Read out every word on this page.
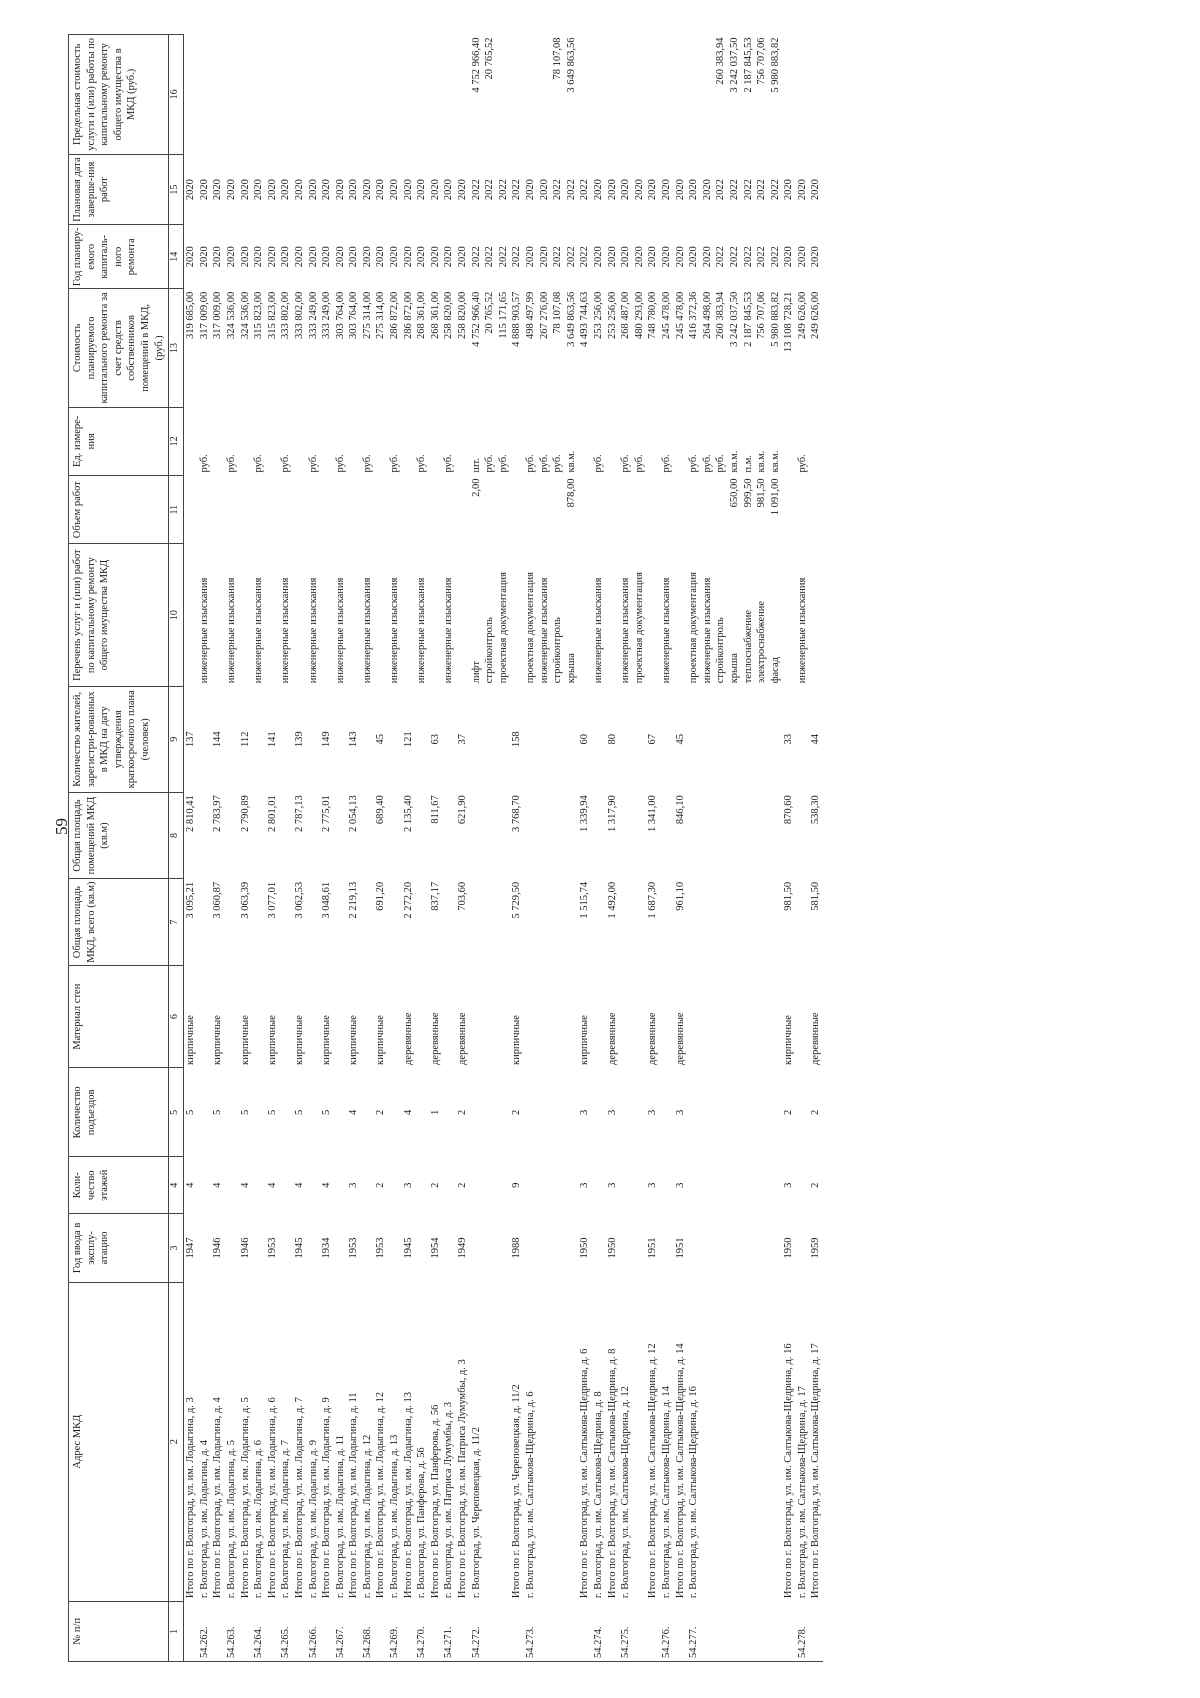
59
№ п/п	Адрес МКД	Год ввода в эксплу-атацию	Коли-чество этажей	Количество подъездов	Материал стен	Общая площадь МКД, всего (кв.м)	Общая площадь помещений МКД (кв.м)	Количество жителей, зарегистри-рованных в МКД на дату утверждения краткосрочного плана (человек)	Перечень услуг и (или) работ по капитальному ремонту общего имущества МКД	Объем работ	Ед. измере-ния	Стоимость планируемого капитального ремонта за счет средств собственников помещений в МКД, (руб.)	Год планиру-емого капиталь-ного ремонта	Плановая дата заверше-ния работ	Предельная стоимость услуги и (или) работы по капитальному ремонту общего имущества в МКД (руб.)
1	2	3	4	5	6	7	8	9	10	11	12	13	14	15	16
	Итого по г. Волгоград, ул. им. Лодыгина, д. 3	1947	4	5	кирпичные	3 095,21	2 810,41	137				319 685,00	2020	2020	
54.262.	г. Волгоград, ул. им. Лодыгина, д. 4								инженерные изыскания		руб.	317 009,00	2020	2020	
	Итого по г. Волгоград, ул. им. Лодыгина, д. 4	1946	4	5	кирпичные	3 060,87	2 783,97	144				317 009,00	2020	2020	
54.263.	г. Волгоград, ул. им. Лодыгина, д. 5								инженерные изыскания		руб.	324 536,00	2020	2020	
	Итого по г. Волгоград, ул. им. Лодыгина, д. 5	1946	4	5	кирпичные	3 063,39	2 790,89	112				324 536,00	2020	2020	
54.264.	г. Волгоград, ул. им. Лодыгина, д. 6								инженерные изыскания		руб.	315 823,00	2020	2020	
	Итого по г. Волгоград, ул. им. Лодыгина, д. 6	1953	4	5	кирпичные	3 077,01	2 801,01	141				315 823,00	2020	2020	
54.265.	г. Волгоград, ул. им. Лодыгина, д. 7								инженерные изыскания		руб.	333 802,00	2020	2020	
	Итого по г. Волгоград, ул. им. Лодыгина, д. 7	1945	4	5	кирпичные	3 062,53	2 787,13	139				333 802,00	2020	2020	
54.266.	г. Волгоград, ул. им. Лодыгина, д. 9								инженерные изыскания		руб.	333 249,00	2020	2020	
	Итого по г. Волгоград, ул. им. Лодыгина, д. 9	1934	4	5	кирпичные	3 048,61	2 775,01	149				333 249,00	2020	2020	
54.267.	г. Волгоград, ул. им. Лодыгина, д. 11								инженерные изыскания		руб.	303 764,00	2020	2020	
	Итого по г. Волгоград, ул. им. Лодыгина, д. 11	1953	3	4	кирпичные	2 219,13	2 054,13	143				303 764,00	2020	2020	
54.268.	г. Волгоград, ул. им. Лодыгина, д. 12								инженерные изыскания		руб.	275 314,00	2020	2020	
	Итого по г. Волгоград, ул. им. Лодыгина, д. 12	1953	2	2	кирпичные	691,20	689,40	45				275 314,00	2020	2020	
54.269.	г. Волгоград, ул. им. Лодыгина, д. 13								инженерные изыскания		руб.	286 872,00	2020	2020	
	Итого по г. Волгоград, ул. им. Лодыгина, д. 13	1945	3	4	деревянные	2 272,20	2 135,40	121				286 872,00	2020	2020	
54.270.	г. Волгоград, ул. Панферова, д. 56								инженерные изыскания		руб.	268 361,00	2020	2020	
	Итого по г. Волгоград, ул. Панферова, д. 56	1954	2	1	деревянные	837,17	811,67	63				268 361,00	2020	2020	
54.271.	г. Волгоград, ул. им. Патриса Лумумбы, д. 3								инженерные изыскания		руб.	258 820,00	2020	2020	
	Итого по г. Волгоград, ул. им. Патриса Лумумбы, д. 3	1949	2	2	деревянные	703,60	621,90	37				258 820,00	2020	2020	
54.272.	г. Волгоград, ул. Череповецкая, д. 11/2								лифт	2,00	шт.	4 752 966,40	2022	2022	4 752 966,40
									стройконтроль		руб.	20 765,52	2022	2022	20 765,52
									проектная документация		руб.	115 171,65	2022	2022	
	Итого по г. Волгоград, ул. Череповецкая, д. 11/2	1988	9	2	кирпичные	5 729,50	3 768,70	158				4 888 903,57	2022	2022	
54.273.	г. Волгоград, ул. им. Салтыкова-Щедрина, д. 6								проектная документация		руб.	498 497,99	2020	2020	

									инженерные изыскания		руб.	267 276,00	2020	2020	
									стройконтроль		руб.	78 107,08	2022	2022	78 107,08
									крыша	878,00	кв.м.	3 649 863,56	2022	2022	3 649 863,56
	Итого по г. Волгоград, ул. им. Салтыкова-Щедрина, д. 6	1950	3	3	кирпичные	1 515,74	1 339,94	60				4 493 744,63	2022	2022	
54.274.	г. Волгоград, ул. им. Салтыкова-Щедрина, д. 8								инженерные изыскания		руб.	253 256,00	2020	2020	
	Итого по г. Волгоград, ул. им. Салтыкова-Щедрина, д. 8	1950	3	3	деревянные	1 492,00	1 317,90	80				253 256,00	2020	2020	
54.275.	г. Волгоград, ул. им. Салтыкова-Щедрина, д. 12								инженерные изыскания		руб.	268 487,00	2020	2020	
									проектная документация		руб.	480 293,00	2020	2020	
	Итого по г. Волгоград, ул. им. Салтыкова-Щедрина, д. 12	1951	3	3	деревянные	1 687,30	1 341,00	67				748 780,00	2020	2020	
54.276.	г. Волгоград, ул. им. Салтыкова-Щедрина, д. 14								инженерные изыскания		руб.	245 478,00	2020	2020	
	Итого по г. Волгоград, ул. им. Салтыкова-Щедрина, д. 14	1951	3	3	деревянные	961,10	846,10	45				245 478,00	2020	2020	
54.277.	г. Волгоград, ул. им. Салтыкова-Щедрина, д. 16								проектная документация		руб.	416 372,36	2020	2020	

									инженерные изыскания		руб.	264 498,00	2020	2020	
									стройконтроль		руб.	260 383,94	2022	2022	260 383,94
									крыша	650,00	кв.м.	3 242 037,50	2022	2022	3 242 037,50
									теплоснабжение	999,50	п.м.	2 187 845,53	2022	2022	2 187 845,53
									электроснабжение	981,50	кв.м.	756 707,06	2022	2022	756 707,06
									фасад	1 091,00	кв.м.	5 980 883,82	2022	2022	5 980 883,82
	Итого по г. Волгоград, ул. им. Салтыкова-Щедрина, д. 16	1950	3	2	кирпичные	981,50	870,60	33				13 108 728,21	2020	2020	

54.278.	г. Волгоград, ул. им. Салтыкова-Щедрина, д. 17								инженерные изыскания		руб.	249 626,00	2020	2020	
	Итого по г. Волгоград, ул. им. Салтыкова-Щедрина, д. 17	1959	2	2	деревянные	581,50	538,30	44				249 626,00	2020	2020	
